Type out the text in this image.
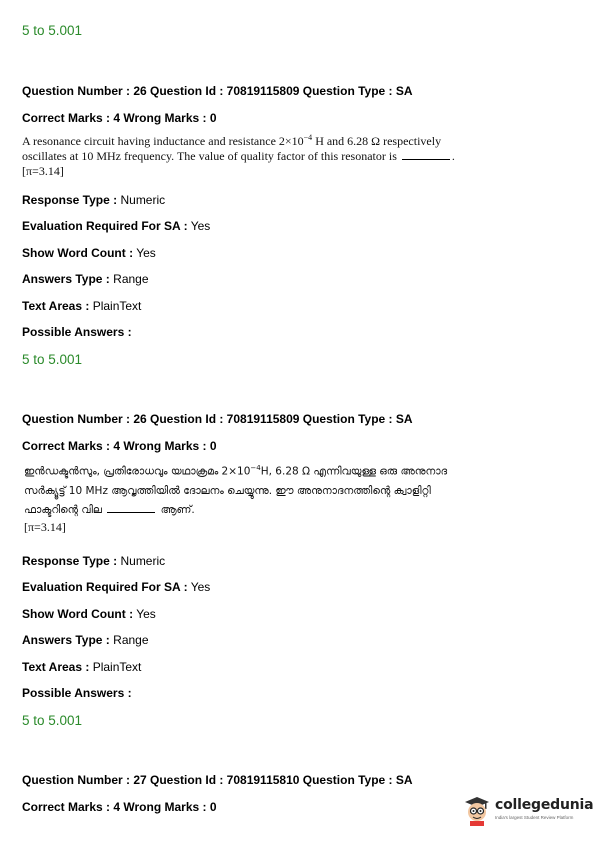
5 to 5.001
Question Number : 26 Question Id : 70819115809 Question Type : SA
Correct Marks : 4 Wrong Marks : 0
A resonance circuit having inductance and resistance $2\times 10^{-4}$ H and 6.28 Ω respectively
oscillates at 10 MHz frequency. The value of quality factor of this resonator is	.
[π=3.14]
Response Type : Numeric
Evaluation Required For SA : Yes
Show Word Count : Yes
Answers Type : Range
Text Areas : PlainText
Possible Answers :
5 to 5.001
Question Number : 26 Question Id : 70819115809 Question Type : SA
Correct Marks : 4 Wrong Marks : 0
ഇൻഡക്ടൻസും, പ്രതിരോധവും യഥാക്രമം $2\times 10^{-4}H$, 6.28 Ω എന്നിവയുള്ള ഒരു അനുനാദ
സർക്യൂട്ട് 10 MHz ആവൃത്തിയിൽ ദോലനം ചെയ്യുന്നു. ഈ അനുനാദനത്തിന്റെ ക്വാളിറ്റി
ഫാക്ടറിന്റെ വില	ആണ്.
[π=3.14]
Response Type : Numeric
Evaluation Required For SA : Yes
Show Word Count : Yes
Answers Type : Range
Text Areas : PlainText
Possible Answers :
5 to 5.001
Question Number : 27 Question Id : 70819115810 Question Type : SA
Correct Marks : 4 Wrong Marks : 0	collegedunia
India's largest Student Review Platform
